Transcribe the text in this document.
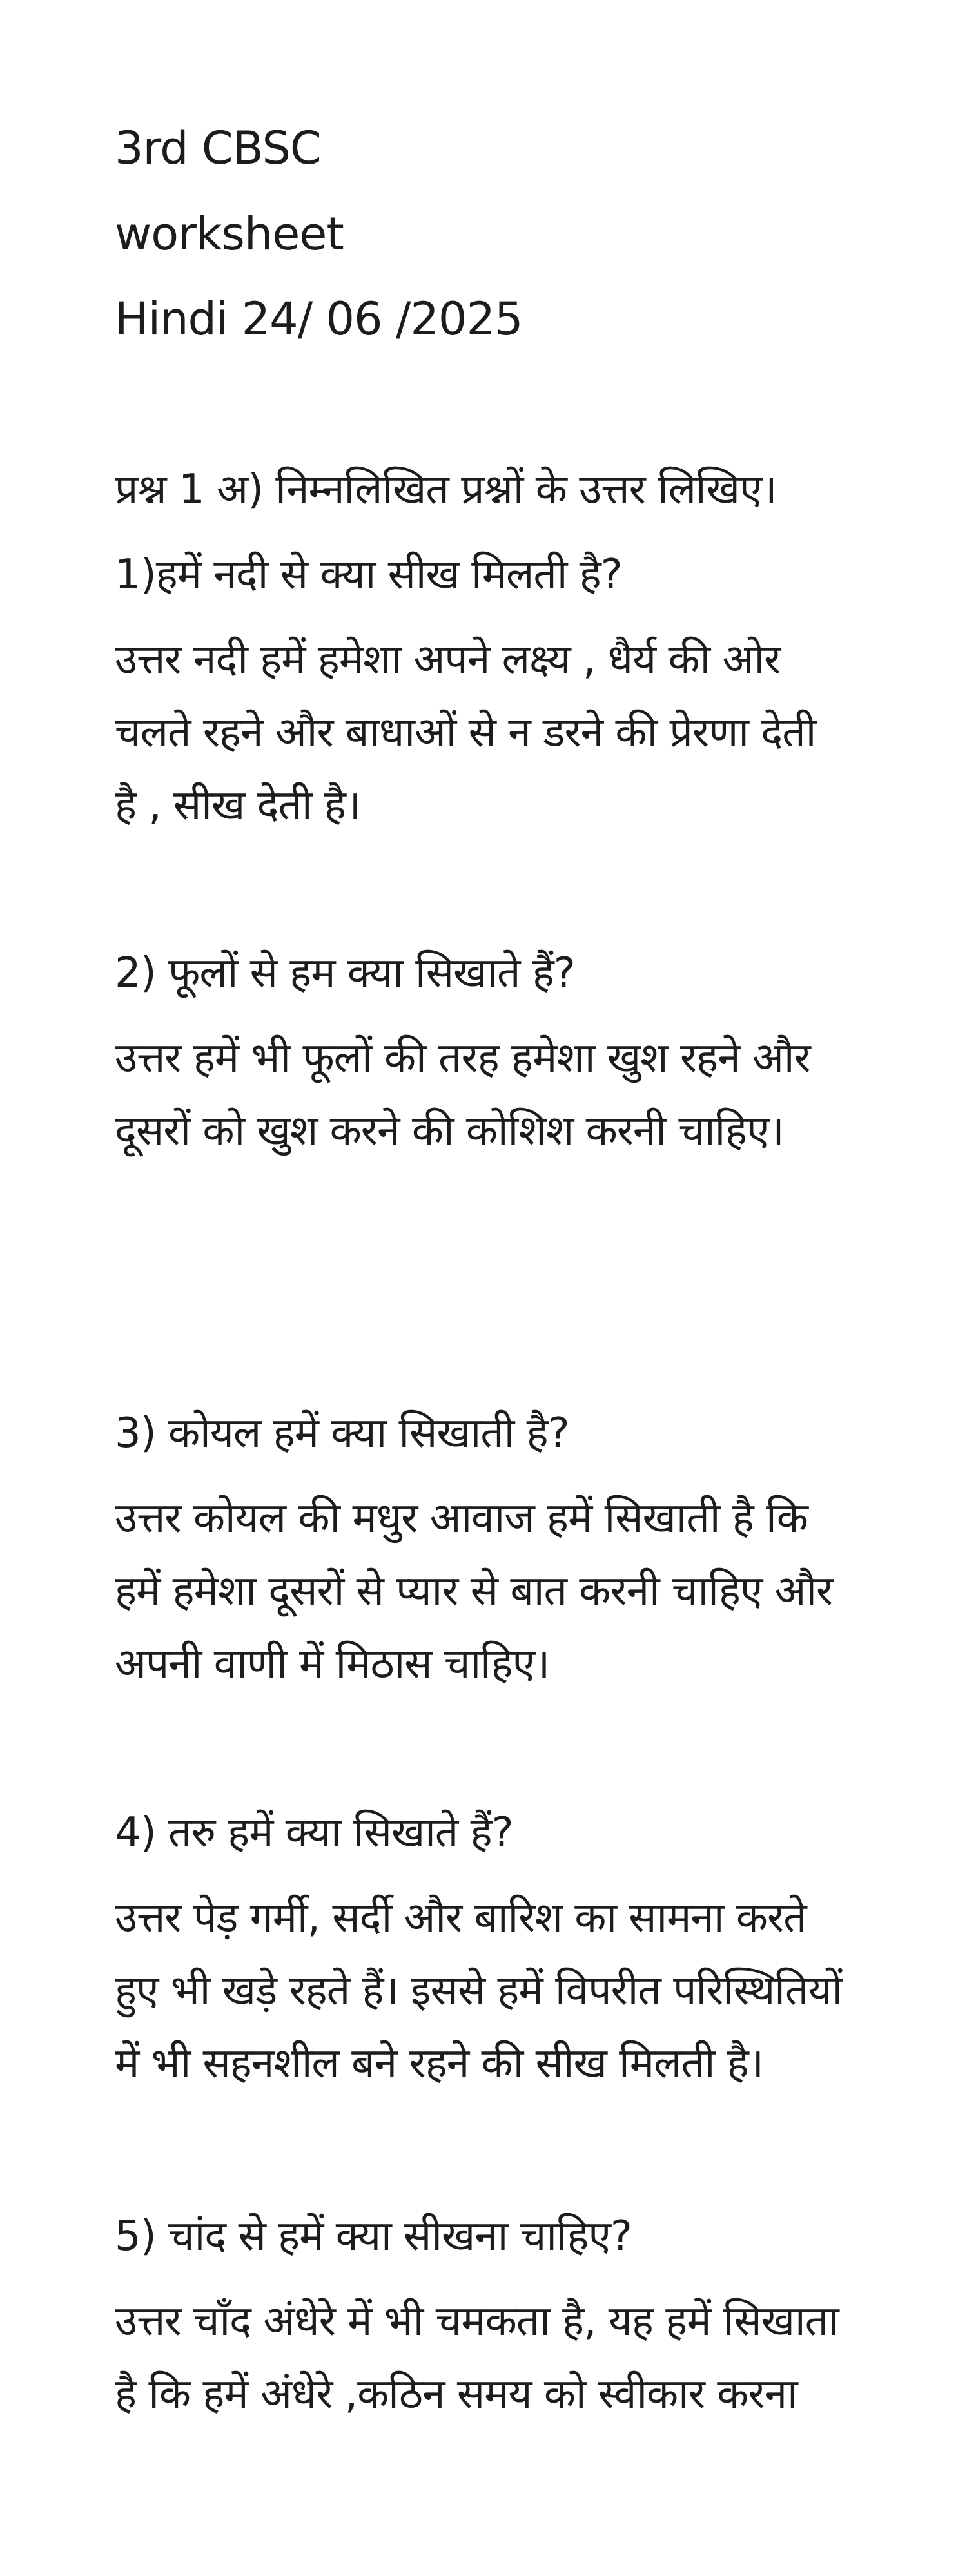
3rd CBSC
worksheet
Hindi 24/ 06 /2025
प्रश्न 1 अ) निम्नलिखित प्रश्नों के उत्तर लिखिए।
1)हमें नदी से क्या सीख मिलती है?
उत्तर नदी हमें हमेशा अपने लक्ष्य , धैर्य की ओर
चलते रहने और बाधाओं से न डरने की प्रेरणा देती
है , सीख देती है।
2) फूलों से हम क्या सिखाते हैं?
उत्तर हमें भी फूलों की तरह हमेशा खुश रहने और
दूसरों को खुश करने की कोशिश करनी चाहिए।
3) कोयल हमें क्या सिखाती है?
उत्तर कोयल की मधुर आवाज हमें सिखाती है कि
हमें हमेशा दूसरों से प्यार से बात करनी चाहिए और
अपनी वाणी में मिठास चाहिए।
4) तरु हमें क्या सिखाते हैं?
उत्तर पेड़ गर्मी, सर्दी और बारिश का सामना करते
हुए भी खड़े रहते हैं। इससे हमें विपरीत परिस्थितियों
में भी सहनशील बने रहने की सीख मिलती है।
5) चांद से हमें क्या सीखना चाहिए?
उत्तर चाँद अंधेरे में भी चमकता है, यह हमें सिखाता
है कि हमें अंधेरे ,कठिन समय को स्वीकार करना
